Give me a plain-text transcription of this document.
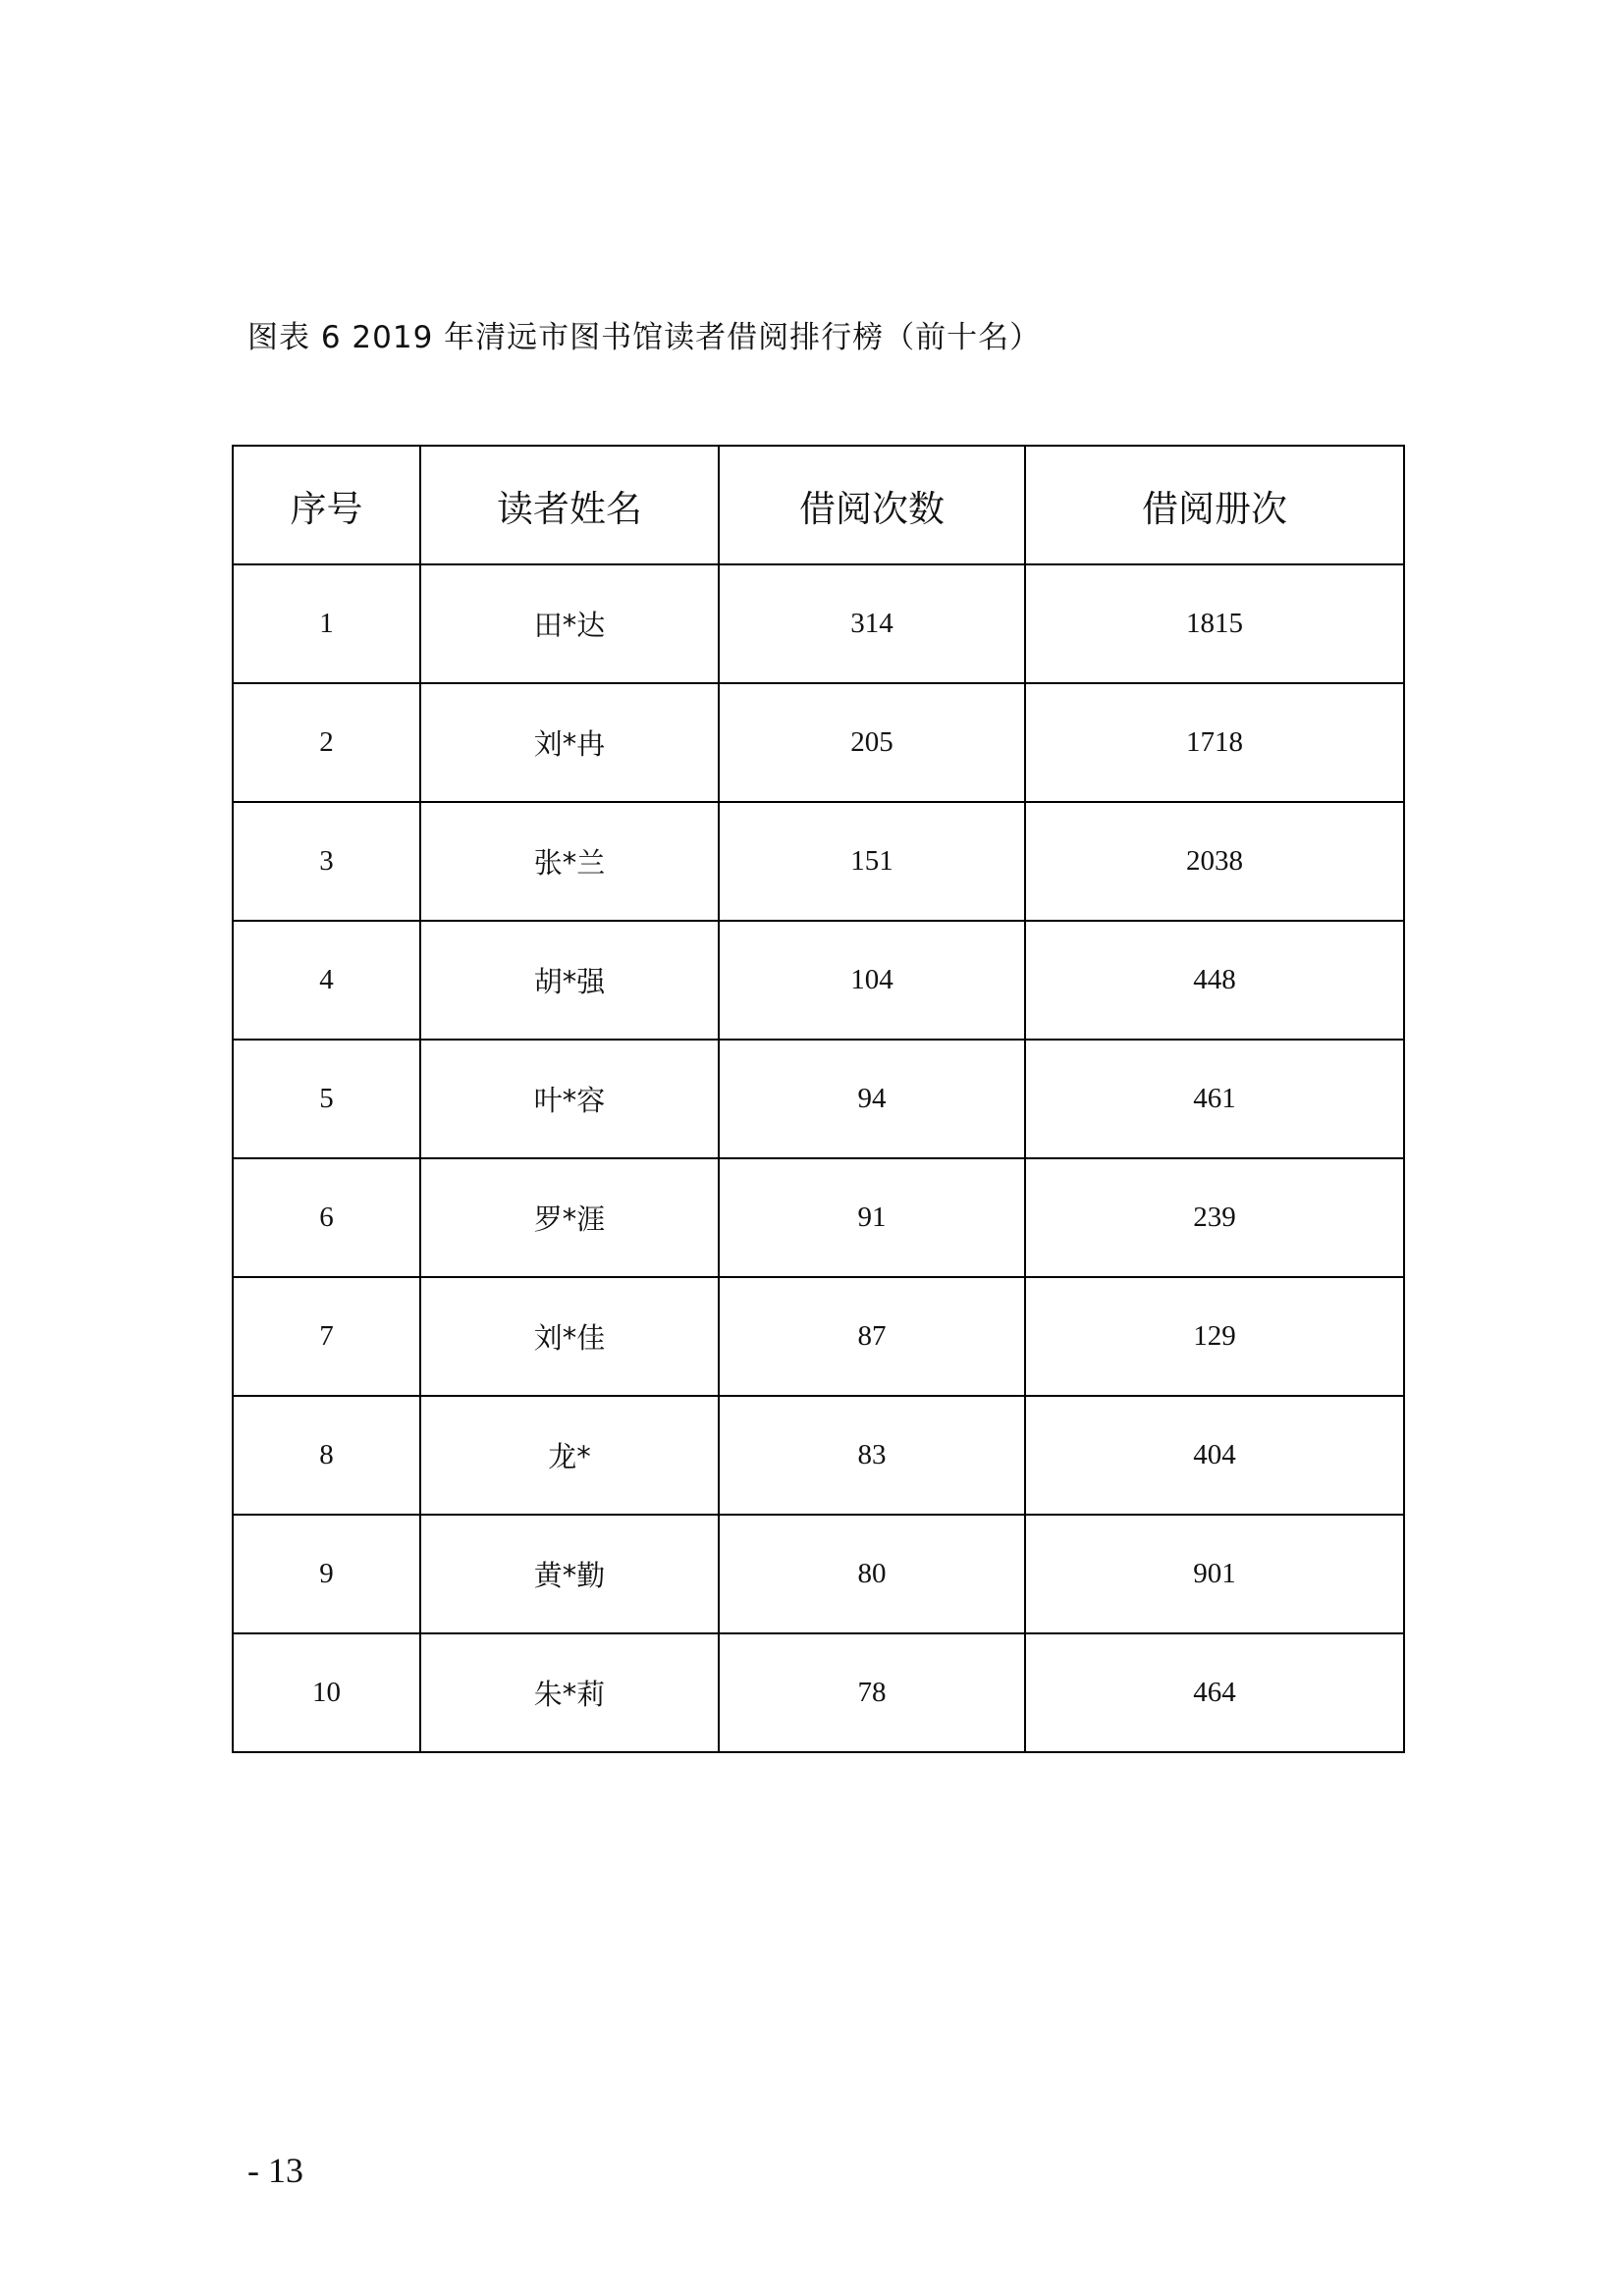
图表 6 2019 年清远市图书馆读者借阅排行榜（前十名）
序号	读者姓名	借阅次数	借阅册次
1	田*达	314	1815
2	刘*冉	205	1718
3	张*兰	151	2038
4	胡*强	104	448
5	叶*容	94	461
6	罗*涯	91	239
7	刘*佳	87	129
8	龙*	83	404
9	黄*勤	80	901
10	朱*莉	78	464
- 13
